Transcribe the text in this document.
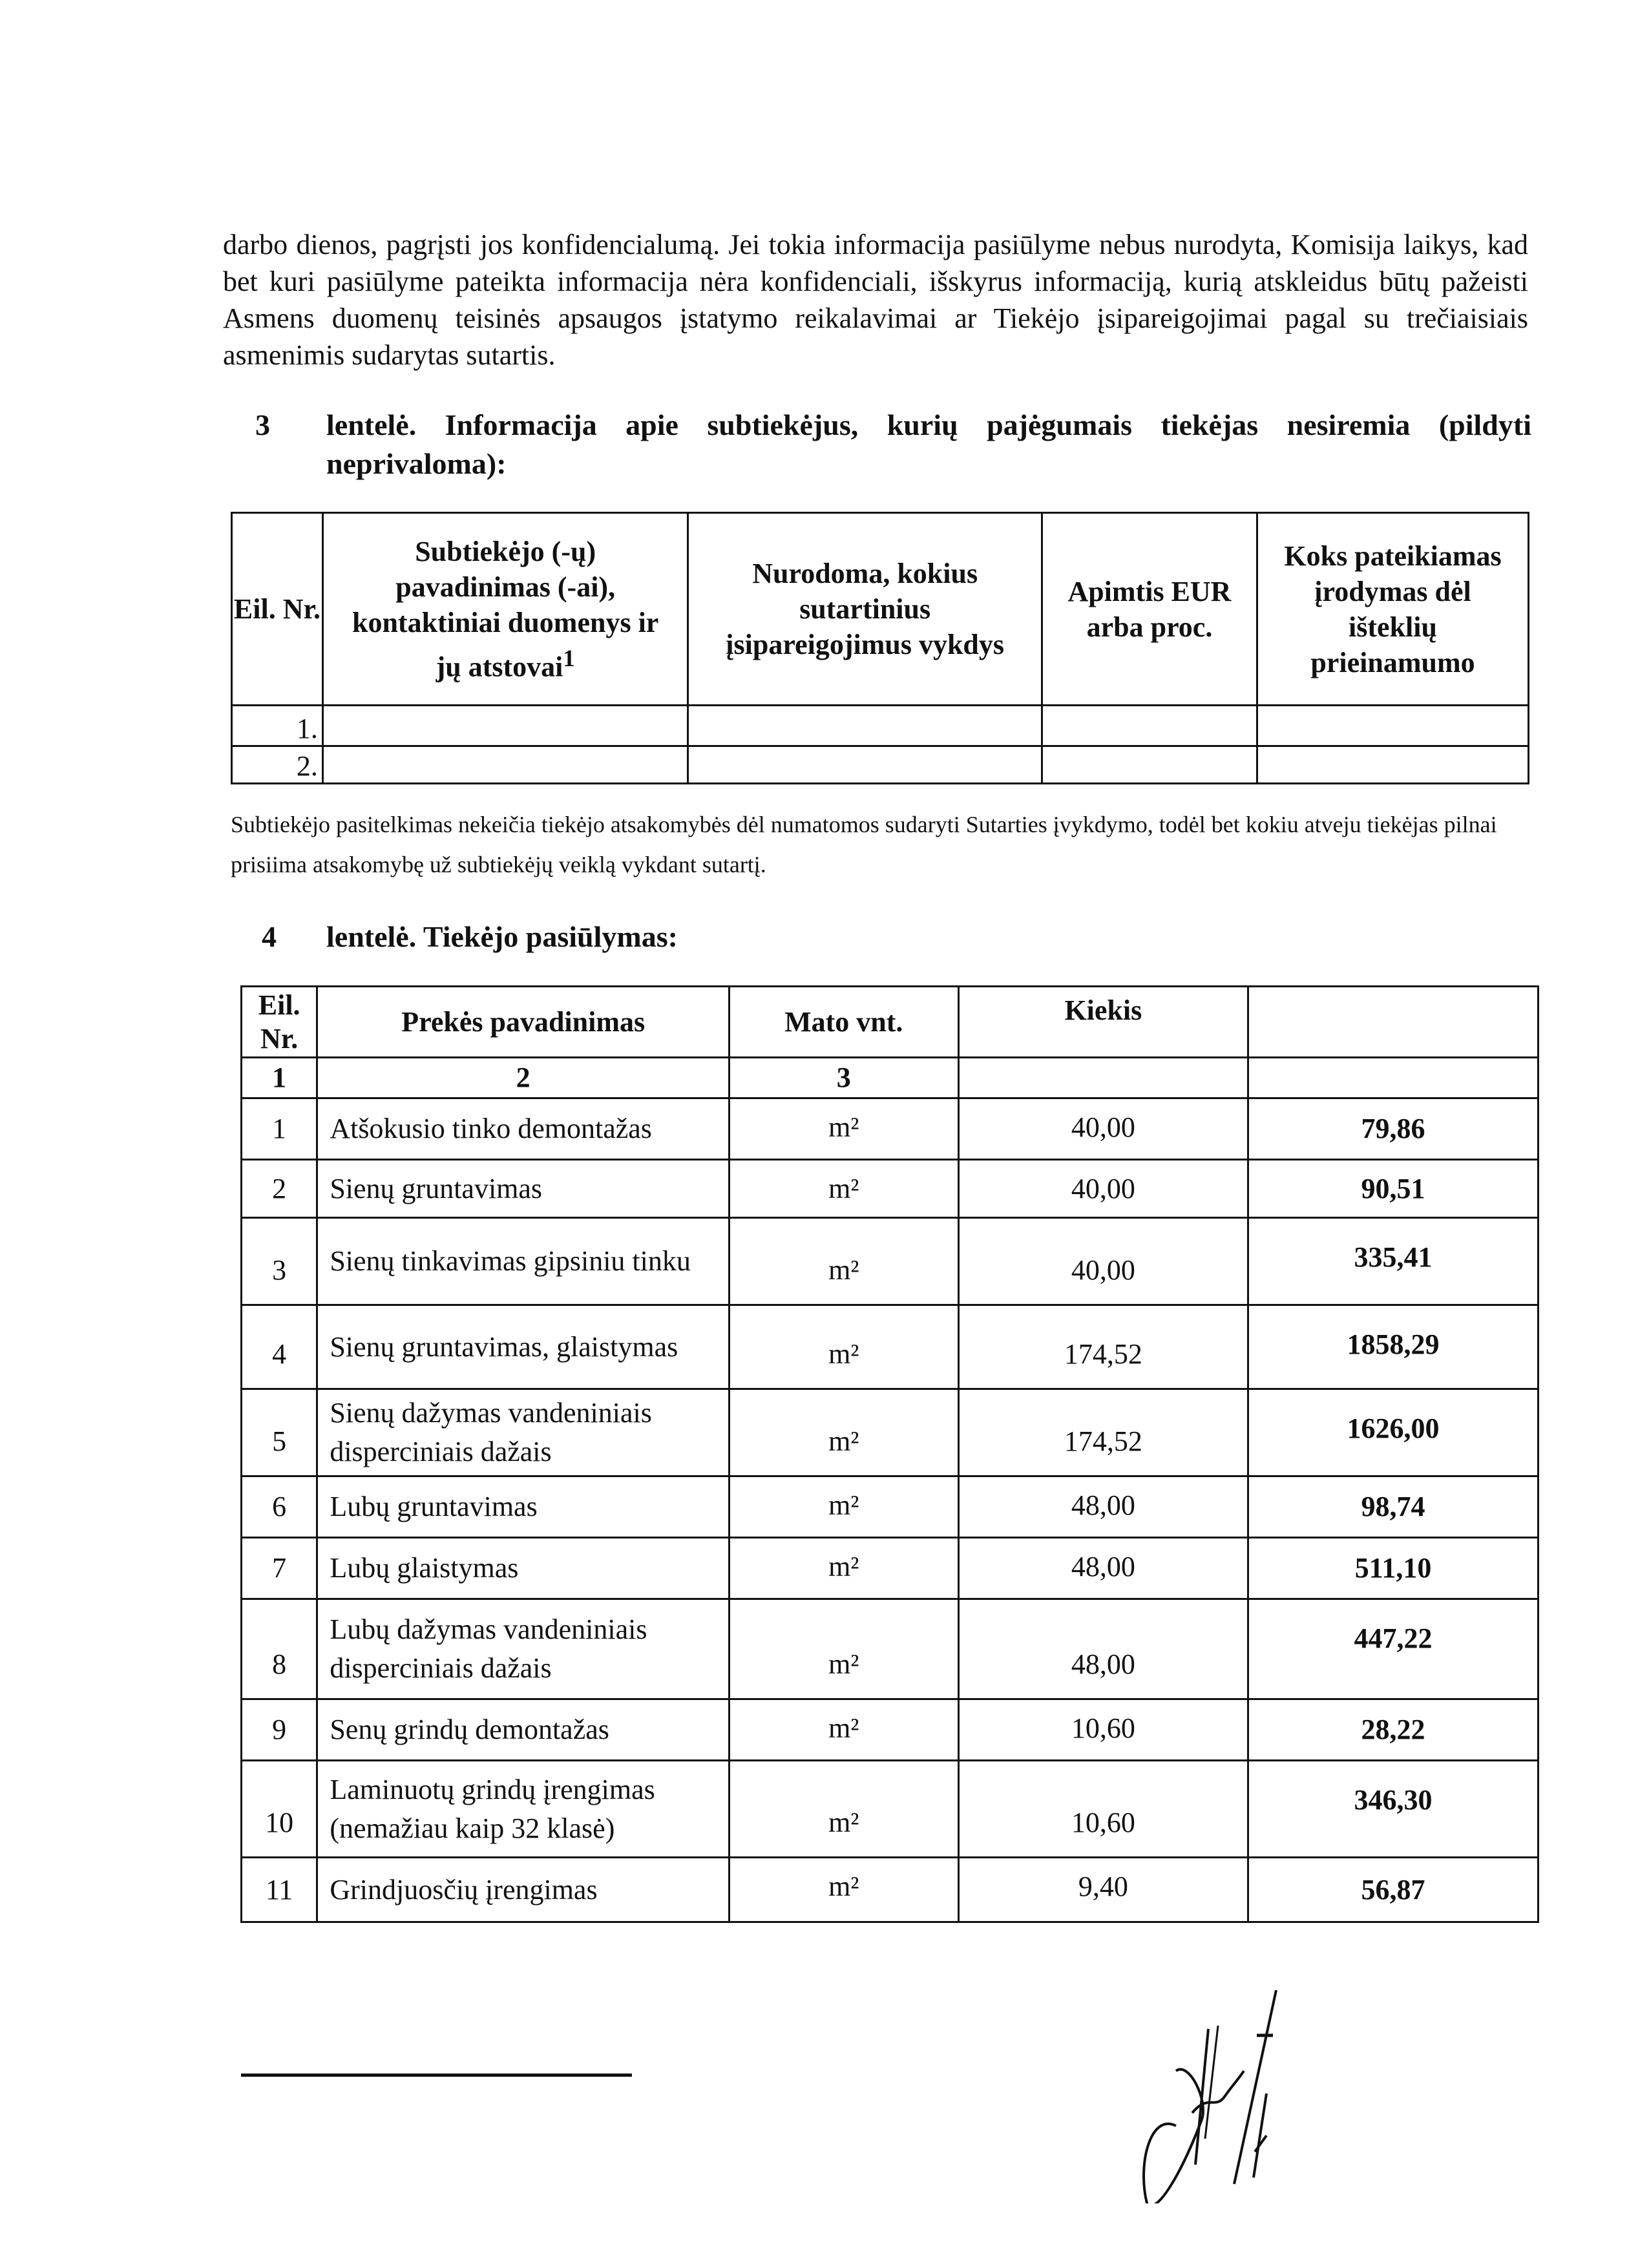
darbo dienos, pagrįsti jos konfidencialumą. Jei tokia informacija pasiūlyme nebus nurodyta, Komisija laikys, kad bet kuri pasiūlyme pateikta informacija nėra konfidenciali, išskyrus informaciją, kurią atskleidus būtų pažeisti Asmens duomenų teisinės apsaugos įstatymo reikalavimai ar Tiekėjo įsipareigojimai pagal su trečiaisiais asmenimis sudarytas sutartis.
3	lentelė. Informacija apie subtiekėjus, kurių pajėgumais tiekėjas nesiremia (pildyti neprivaloma):
Eil. Nr.	Subtiekėjo (-ų) pavadinimas (-ai), kontaktiniai duomenys ir jų atstovai$^1$	Nurodoma, kokius sutartinius įsipareigojimus vykdys	Apimtis EUR arba proc.	Koks pateikiamas įrodymas dėl išteklių prieinamumo
1.				
2.				
Subtiekėjo pasitelkimas nekeičia tiekėjo atsakomybės dėl numatomos sudaryti Sutarties įvykdymo, todėl bet kokiu atveju tiekėjas pilnai prisiima atsakomybę už subtiekėjų veiklą vykdant sutartį.
4	lentelė. Tiekėjo pasiūlymas:
Eil. Nr.	Prekės pavadinimas	Mato vnt.	Kiekis	
1	2	3		
1	Atšokusio tinko demontažas	m²	40,00	79,86
2	Sienų gruntavimas	m²	40,00	90,51
3	Sienų tinkavimas gipsiniu tinku	m²	40,00	335,41
4	Sienų gruntavimas, glaistymas	m²	174,52	1858,29
5	Sienų dažymas vandeniniais disperciniais dažais	m²	174,52	1626,00
6	Lubų gruntavimas	m²	48,00	98,74
7	Lubų glaistymas	m²	48,00	511,10
8	Lubų dažymas vandeniniais disperciniais dažais	m²	48,00	447,22
9	Senų grindų demontažas	m²	10,60	28,22
10	Laminuotų grindų įrengimas (nemažiau kaip 32 klasė)	m²	10,60	346,30
11	Grindjuosčių įrengimas	m²	9,40	56,87
